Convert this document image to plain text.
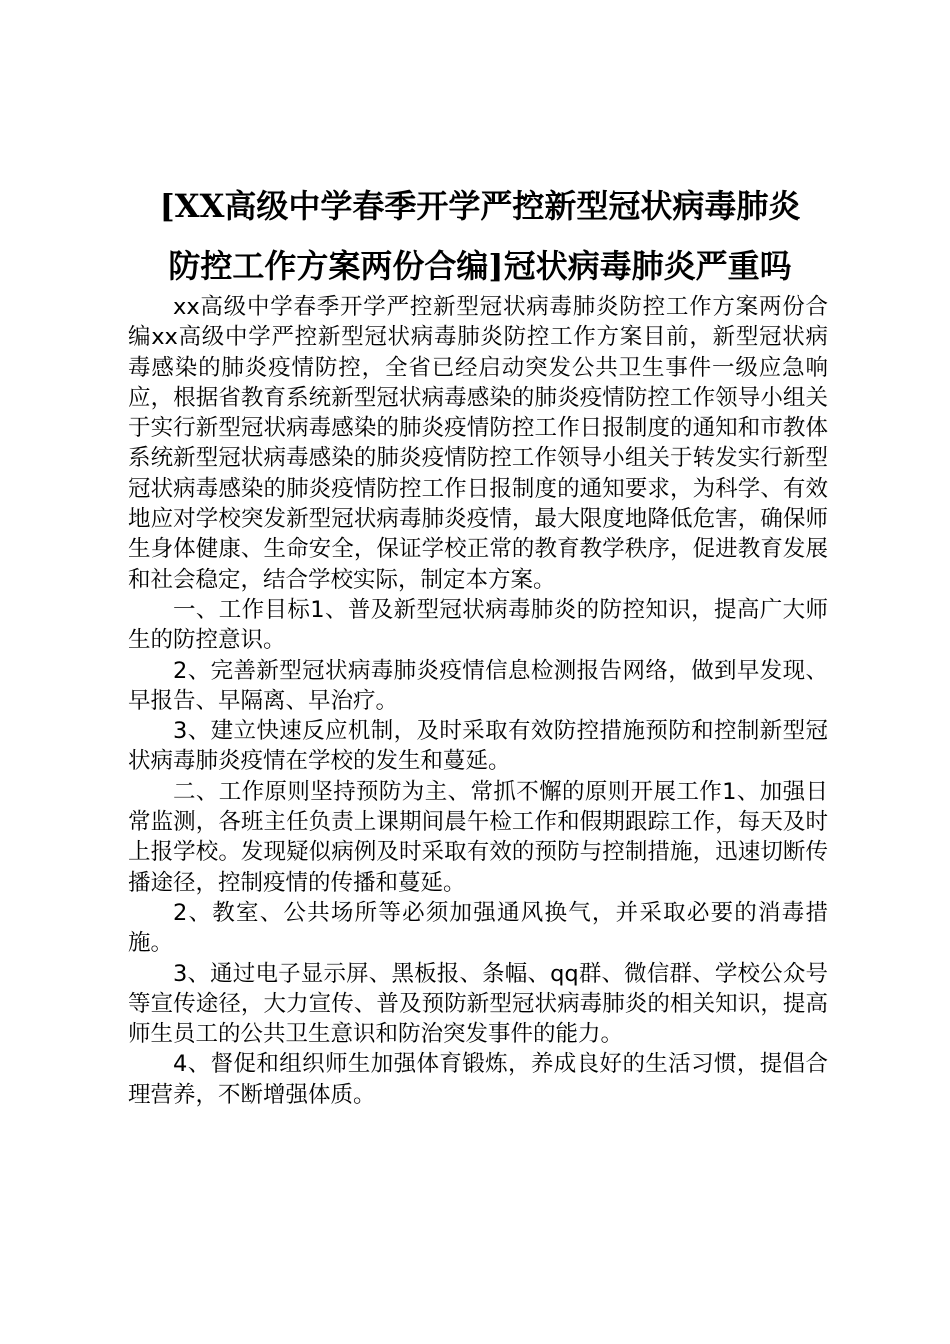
[XX高级中学春季开学严控新型冠状病毒肺炎
防控工作方案两份合编]冠状病毒肺炎严重吗

xx高级中学春季开学严控新型冠状病毒肺炎防控工作方案两份合编xx高级中学严控新型冠状病毒肺炎防控工作方案目前，新型冠状病毒感染的肺炎疫情防控，全省已经启动突发公共卫生事件一级应急响应，根据省教育系统新型冠状病毒感染的肺炎疫情防控工作领导小组关于实行新型冠状病毒感染的肺炎疫情防控工作日报制度的通知和市教体系统新型冠状病毒感染的肺炎疫情防控工作领导小组关于转发实行新型冠状病毒感染的肺炎疫情防控工作日报制度的通知要求，为科学、有效地应对学校突发新型冠状病毒肺炎疫情，最大限度地降低危害，确保师生身体健康、生命安全，保证学校正常的教育教学秩序，促进教育发展和社会稳定，结合学校实际，制定本方案。

一、工作目标1、普及新型冠状病毒肺炎的防控知识，提高广大师生的防控意识。

2、完善新型冠状病毒肺炎疫情信息检测报告网络，做到早发现、早报告、早隔离、早治疗。

3、建立快速反应机制，及时采取有效防控措施预防和控制新型冠状病毒肺炎疫情在学校的发生和蔓延。

二、工作原则坚持预防为主、常抓不懈的原则开展工作1、加强日常监测，各班主任负责上课期间晨午检工作和假期跟踪工作，每天及时上报学校。发现疑似病例及时采取有效的预防与控制措施，迅速切断传播途径，控制疫情的传播和蔓延。

2、教室、公共场所等必须加强通风换气，并采取必要的消毒措施。

3、通过电子显示屏、黑板报、条幅、qq群、微信群、学校公众号等宣传途径，大力宣传、普及预防新型冠状病毒肺炎的相关知识，提高师生员工的公共卫生意识和防治突发事件的能力。

4、督促和组织师生加强体育锻炼，养成良好的生活习惯，提倡合理营养，不断增强体质。
